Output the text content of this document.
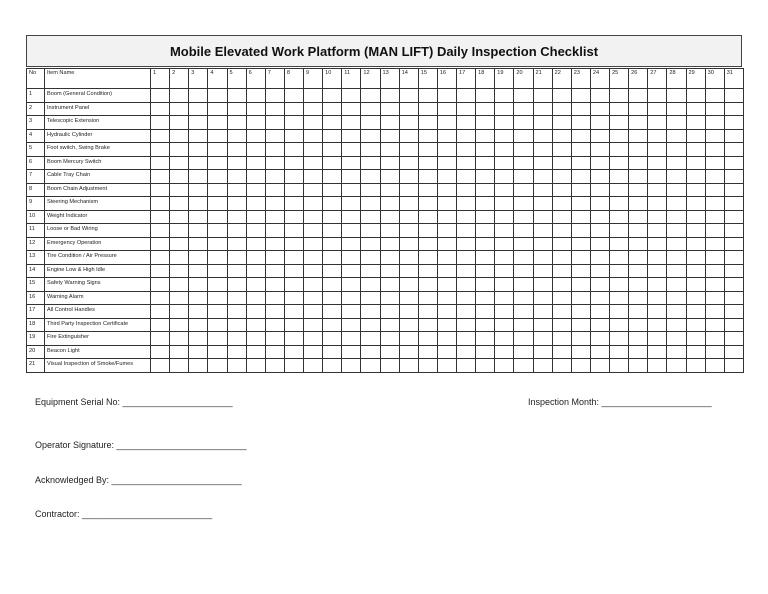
Mobile Elevated Work Platform (MAN LIFT) Daily Inspection Checklist
No	Item Name	1	2	3	4	5	6	7	8	9	10	11	12	13	14	15	16	17	18	19	20	21	22	23	24	25	26	27	28	29	30	31
1	Boom (General Condition)																															
2	Instrument Panel																															
3	Telescopic Extension																															
4	Hydraulic Cylinder																															
5	Foot switch, Swing Brake																															
6	Boom Mercury Switch																															
7	Cable Tray Chain																															
8	Boom Chain Adjustment																															
9	Steering Mechanism																															
10	Weight Indicator																															
11	Loose or Bad Wiring																															
12	Emergency Operation																															
13	Tire Condition / Air Pressure																															
14	Engine Low & High Idle																															
15	Safety Warning Signs																															
16	Warning Alarm																															
17	All Control Handles																															
18	Third Party Inspection Certificate																															
19	Fire Extinguisher																															
20	Beacon Light																															
21	Visual Inspection of Smoke/Fumes																															
Equipment Serial No: ______________________	Inspection Month: ______________________
Operator Signature: __________________________
Acknowledged By: __________________________
Contractor: __________________________
